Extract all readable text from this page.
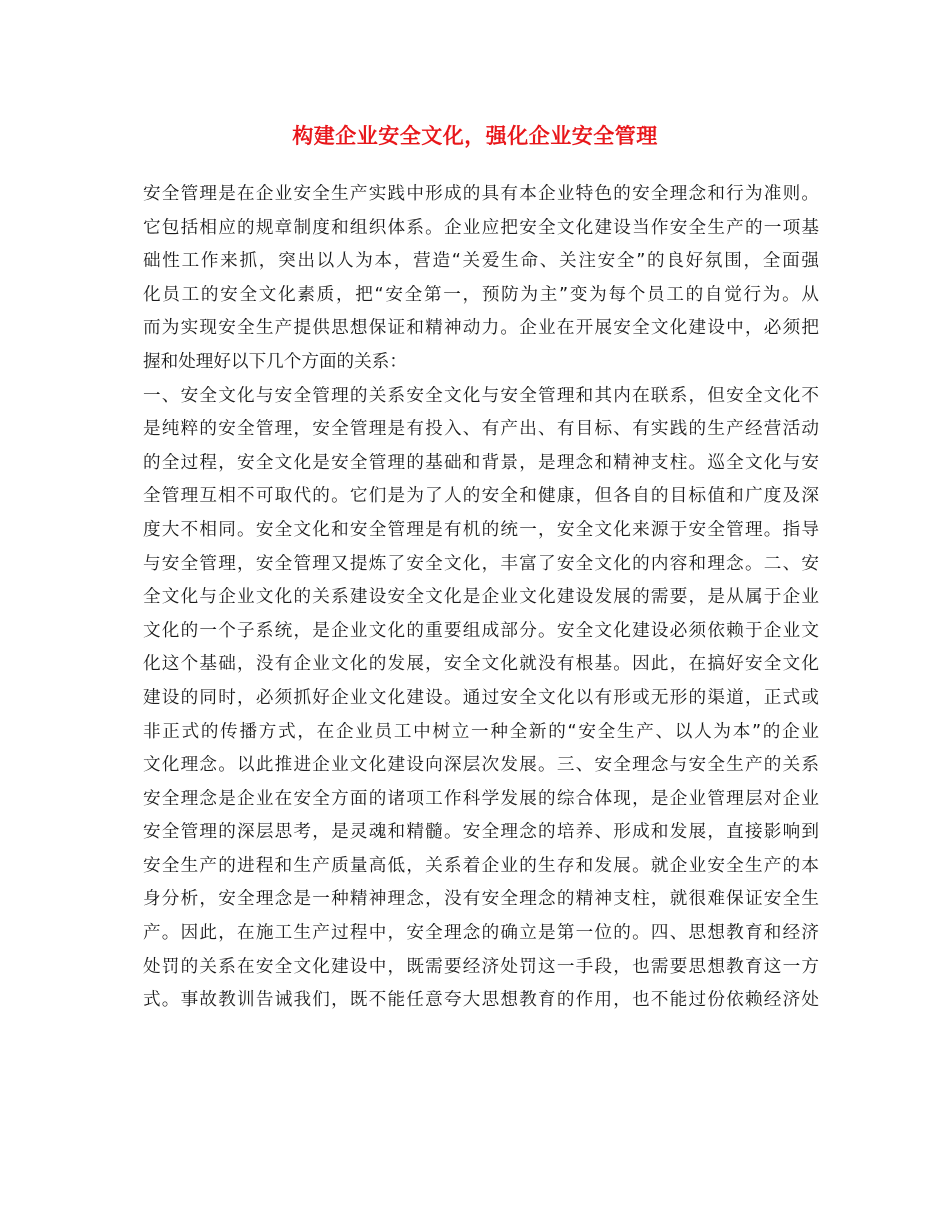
构建企业安全文化，强化企业安全管理
安全管理是在企业安全生产实践中形成的具有本企业特色的安全理念和行为准则。
它包括相应的规章制度和组织体系。企业应把安全文化建设当作安全生产的一项基
础性工作来抓，突出以人为本，营造“关爱生命、关注安全”的良好氛围，全面强
化员工的安全文化素质，把“安全第一，预防为主”变为每个员工的自觉行为。从
而为实现安全生产提供思想保证和精神动力。企业在开展安全文化建设中，必须把
握和处理好以下几个方面的关系：
一、安全文化与安全管理的关系安全文化与安全管理和其内在联系，但安全文化不
是纯粹的安全管理，安全管理是有投入、有产出、有目标、有实践的生产经营活动
的全过程，安全文化是安全管理的基础和背景，是理念和精神支柱。巡全文化与安
全管理互相不可取代的。它们是为了人的安全和健康，但各自的目标值和广度及深
度大不相同。安全文化和安全管理是有机的统一，安全文化来源于安全管理。指导
与安全管理，安全管理又提炼了安全文化，丰富了安全文化的内容和理念。二、安
全文化与企业文化的关系建设安全文化是企业文化建设发展的需要，是从属于企业
文化的一个子系统，是企业文化的重要组成部分。安全文化建设必须依赖于企业文
化这个基础，没有企业文化的发展，安全文化就没有根基。因此，在搞好安全文化
建设的同时，必须抓好企业文化建设。通过安全文化以有形或无形的渠道，正式或
非正式的传播方式，在企业员工中树立一种全新的“安全生产、以人为本”的企业
文化理念。以此推进企业文化建设向深层次发展。三、安全理念与安全生产的关系
安全理念是企业在安全方面的诸项工作科学发展的综合体现，是企业管理层对企业
安全管理的深层思考，是灵魂和精髓。安全理念的培养、形成和发展，直接影响到
安全生产的进程和生产质量高低，关系着企业的生存和发展。就企业安全生产的本
身分析，安全理念是一种精神理念，没有安全理念的精神支柱，就很难保证安全生
产。因此，在施工生产过程中，安全理念的确立是第一位的。四、思想教育和经济
处罚的关系在安全文化建设中，既需要经济处罚这一手段，也需要思想教育这一方
式。事故教训告诫我们，既不能任意夸大思想教育的作用，也不能过份依赖经济处
